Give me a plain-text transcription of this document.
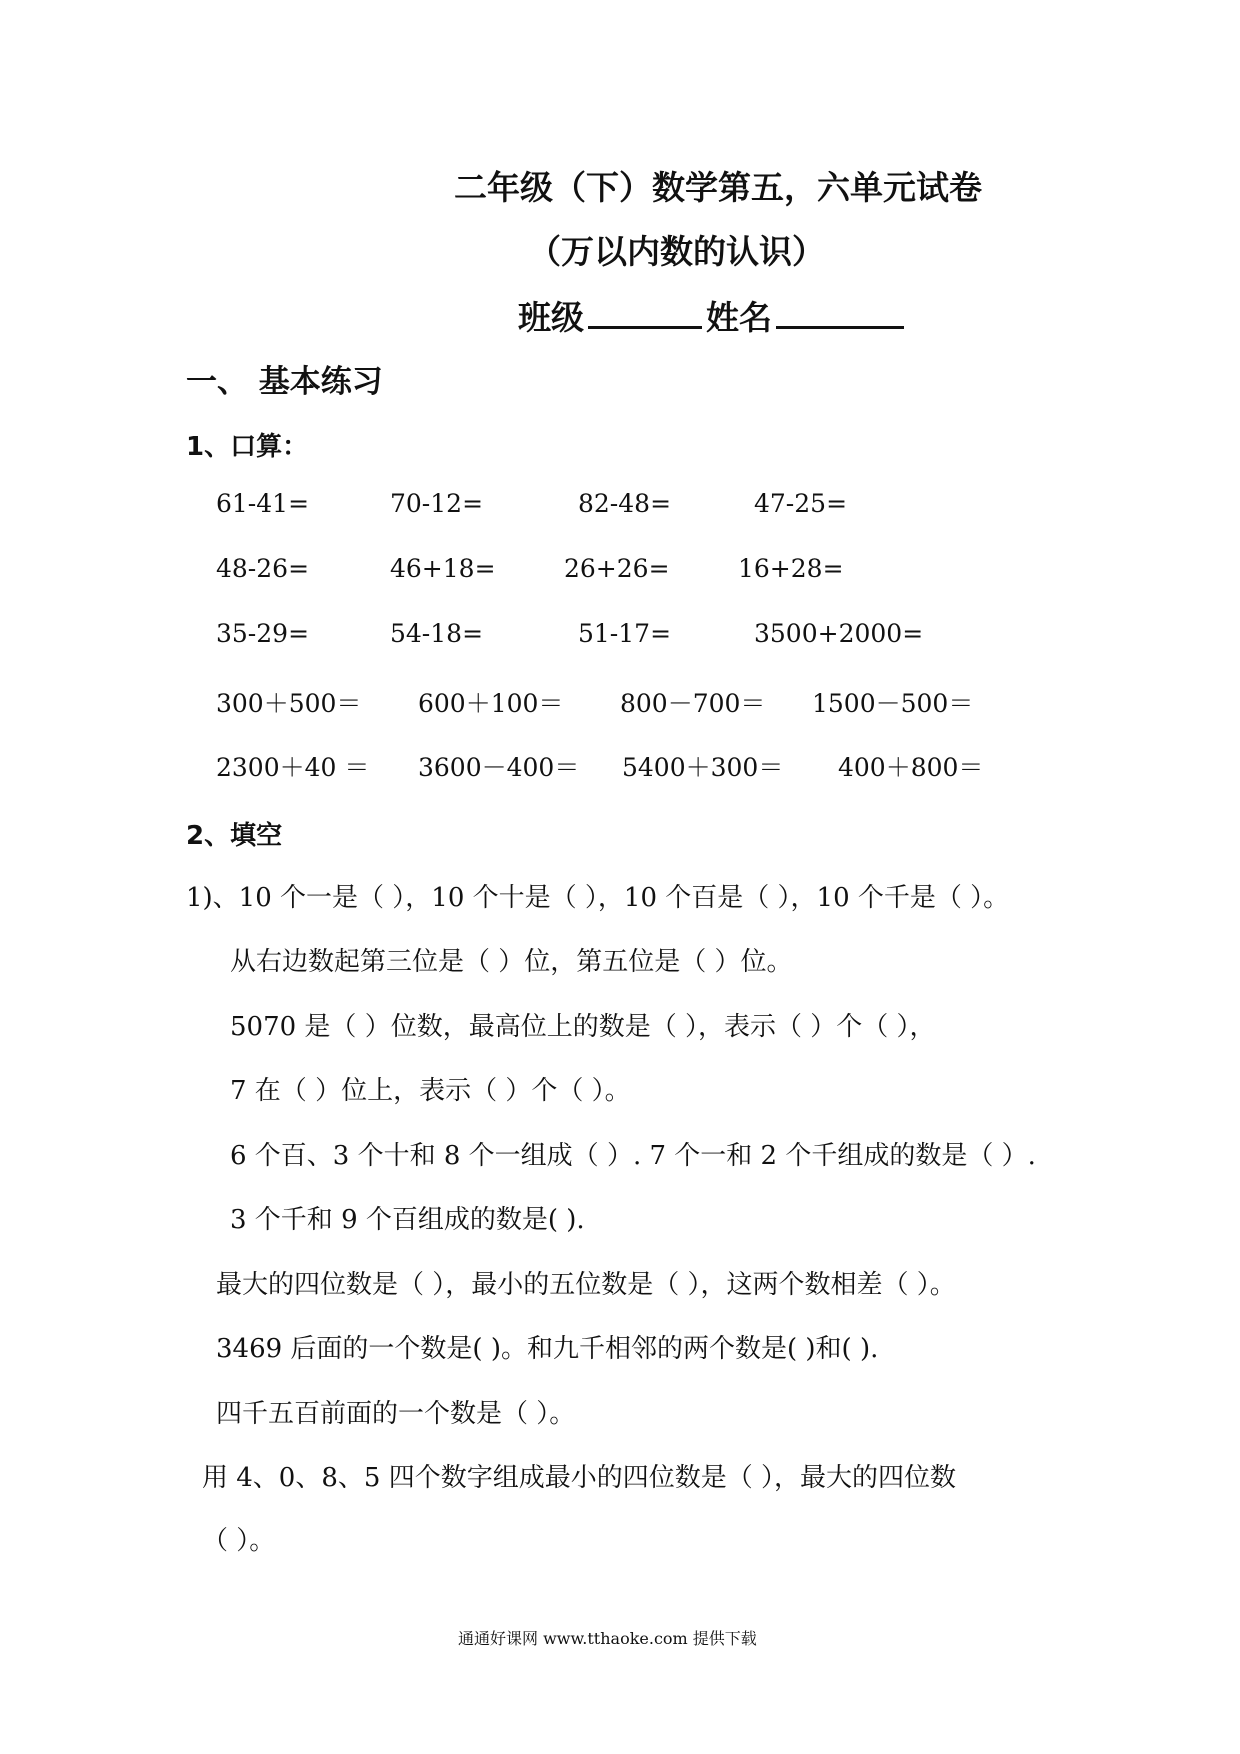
二年级（下）数学第五，六单元试卷
（万以内数的认识）
班级	姓名
一、 基本练习
1、口算：
61-41=	70-12=	82-48=	47-25=
48-26=	46+18=	26+26=	16+28=
35-29=	54-18=	51-17=	3500+2000=
300＋500＝ 600＋100＝ 800－700＝ 1500－500＝
2300＋40 ＝ 3600－400＝ 5400＋300＝ 400＋800＝
2、填空
1)、10 个一是（ ），10 个十是（ ），10 个百是（ ），10 个千是（ ）。
从右边数起第三位是（ ）位，第五位是（ ）位。
5070 是（ ）位数，最高位上的数是（ ），表示（ ）个（ ），
7 在（ ）位上，表示（ ）个（ ）。
6 个百、3 个十和 8 个一组成（ ）. 7 个一和 2 个千组成的数是（ ）.
3 个千和 9 个百组成的数是( ).
最大的四位数是（ ），最小的五位数是（ ），这两个数相差（ ）。
3469 后面的一个数是( )。和九千相邻的两个数是( )和( ).
四千五百前面的一个数是（ ）。
用 4、0、8、5 四个数字组成最小的四位数是（ ），最大的四位数
（ ）。
通通好课网 www.tthaoke.com 提供下载
